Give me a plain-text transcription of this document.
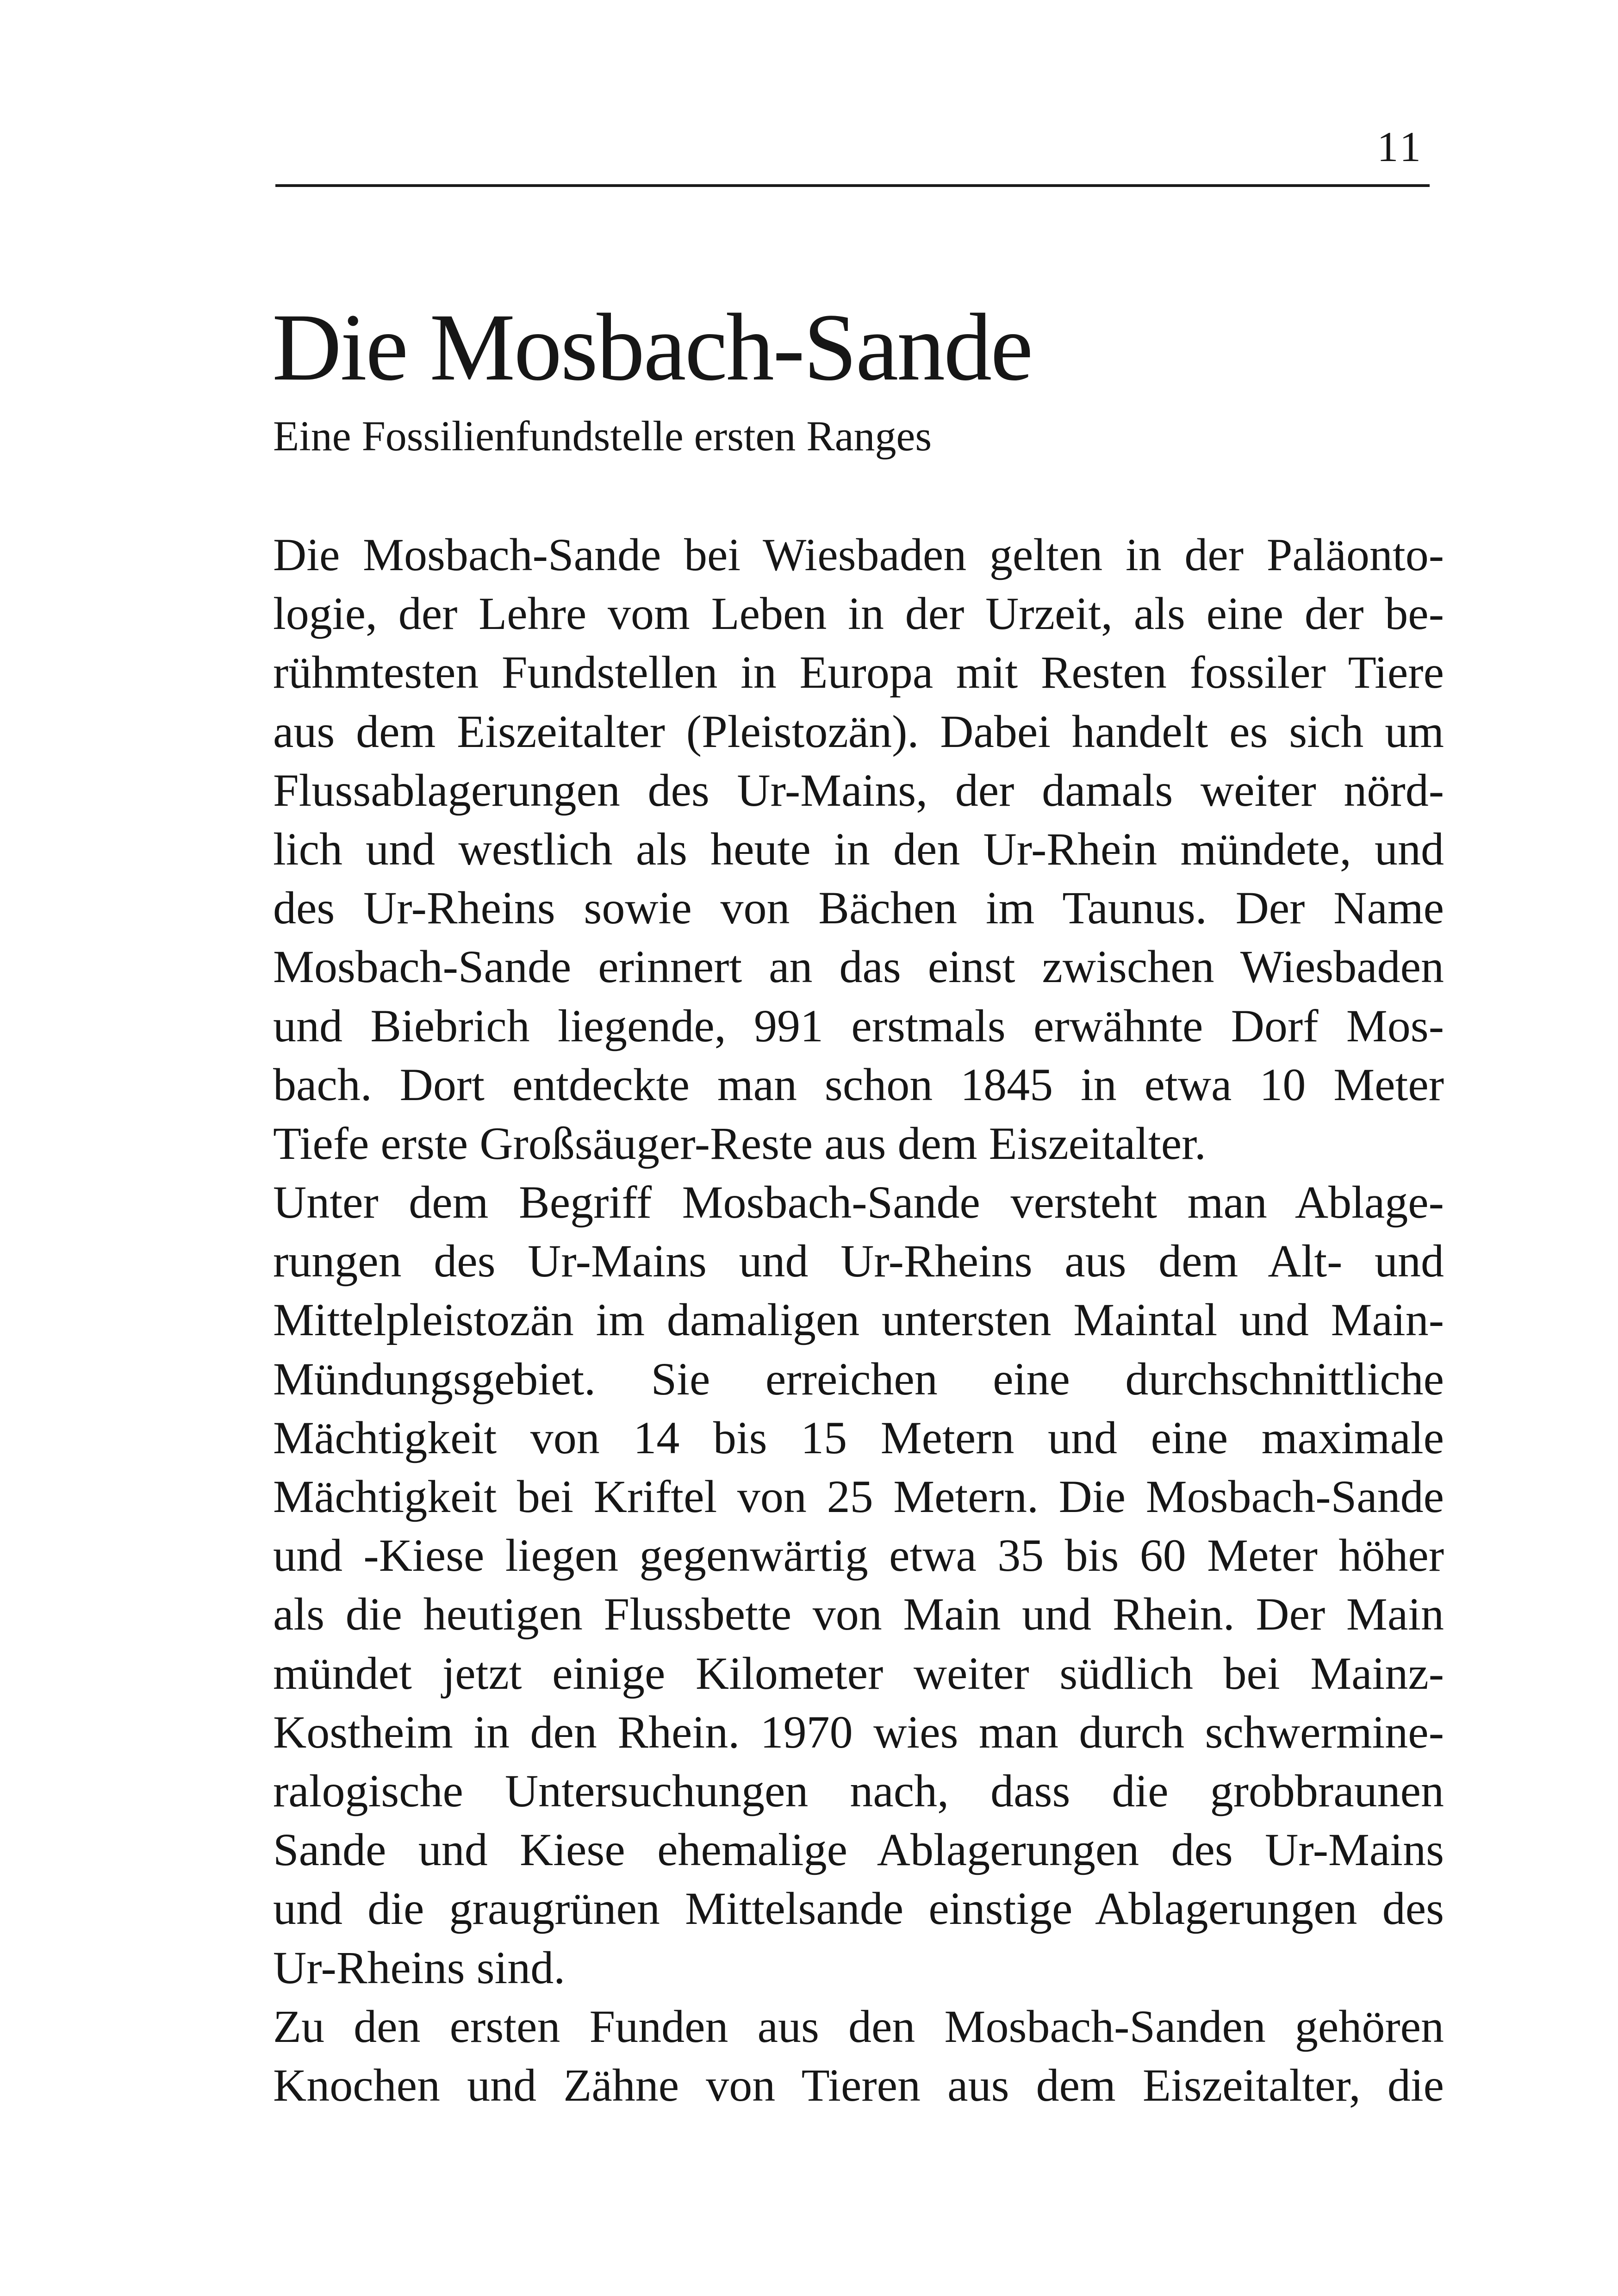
11
Die Mosbach-Sande

Eine Fossilienfundstelle ersten Ranges

Die Mosbach-Sande bei Wiesbaden gelten in der Paläonto-
logie, der Lehre vom Leben in der Urzeit, als eine der be-
rühmtesten Fundstellen in Europa mit Resten fossiler Tiere
aus dem Eiszeitalter (Pleistozän). Dabei handelt es sich um
Flussablagerungen des Ur-Mains, der damals weiter nörd-
lich und westlich als heute in den Ur-Rhein mündete, und
des Ur-Rheins sowie von Bächen im Taunus. Der Name
Mosbach-Sande erinnert an das einst zwischen Wiesbaden
und Biebrich liegende, 991 erstmals erwähnte Dorf Mos-
bach. Dort entdeckte man schon 1845 in etwa 10 Meter
Tiefe erste Großsäuger-Reste aus dem Eiszeitalter.
Unter dem Begriff Mosbach-Sande versteht man Ablage-
rungen des Ur-Mains und Ur-Rheins aus dem Alt- und
Mittelpleistozän im damaligen untersten Maintal und Main-
Mündungsgebiet. Sie erreichen eine durchschnittliche
Mächtigkeit von 14 bis 15 Metern und eine maximale
Mächtigkeit bei Kriftel von 25 Metern. Die Mosbach-Sande
und -Kiese liegen gegenwärtig etwa 35 bis 60 Meter höher
als die heutigen Flussbette von Main und Rhein. Der Main
mündet jetzt einige Kilometer weiter südlich bei Mainz-
Kostheim in den Rhein. 1970 wies man durch schwermine-
ralogische Untersuchungen nach, dass die grobbraunen
Sande und Kiese ehemalige Ablagerungen des Ur-Mains
und die graugrünen Mittelsande einstige Ablagerungen des
Ur-Rheins sind.
Zu den ersten Funden aus den Mosbach-Sanden gehören
Knochen und Zähne von Tieren aus dem Eiszeitalter, die
